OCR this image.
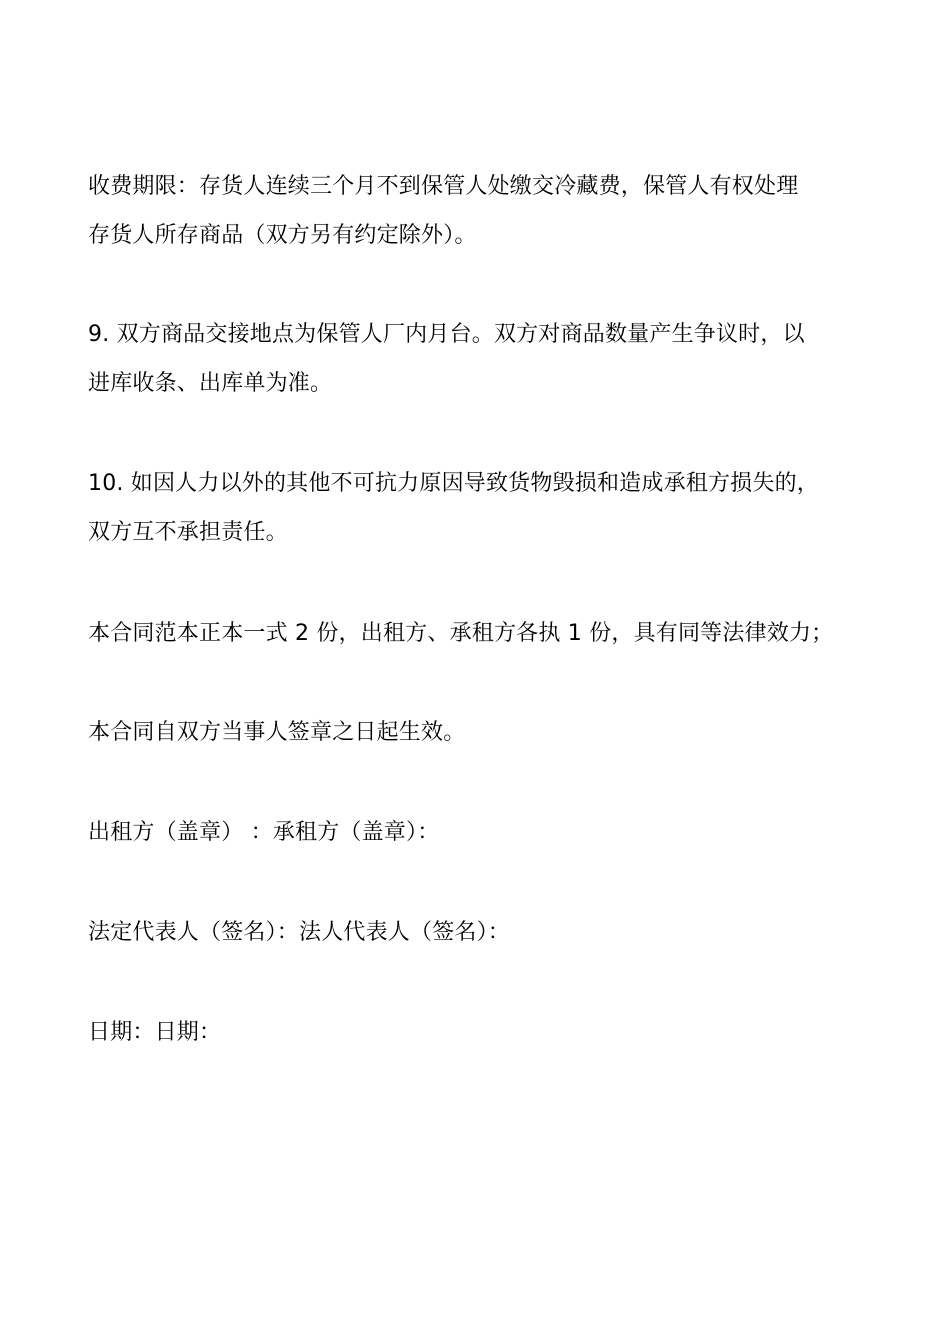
收费期限：存货人连续三个月不到保管人处缴交冷藏费，保管人有权处理
存货人所存商品（双方另有约定除外）。
9. 双方商品交接地点为保管人厂内月台。双方对商品数量产生争议时，以
进库收条、出库单为准。
10. 如因人力以外的其他不可抗力原因导致货物毁损和造成承租方损失的，
双方互不承担责任。
本合同范本正本一式 2 份，出租方、承租方各执 1 份，具有同等法律效力；
本合同自双方当事人签章之日起生效。
出租方（盖章） ：承租方（盖章）：
法定代表人（签名）：法人代表人（签名）：
日期：日期：
